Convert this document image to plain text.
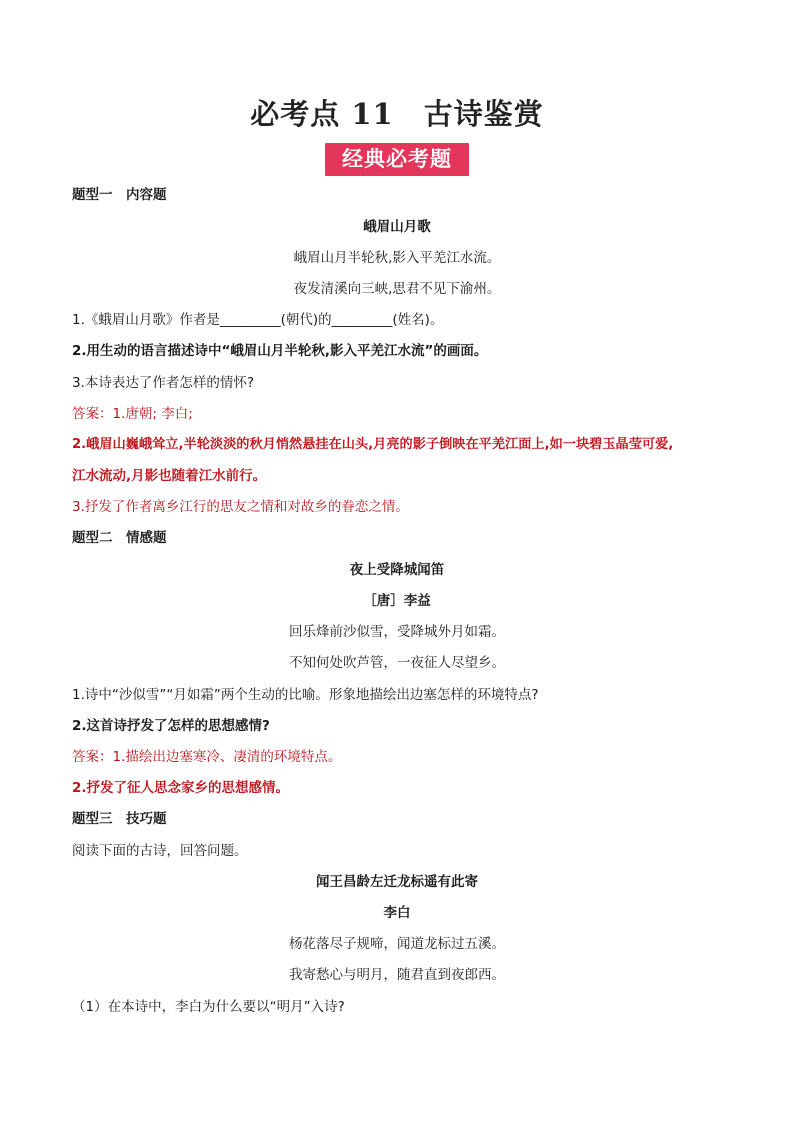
必考点 11　古诗鉴赏
经典必考题
题型一　内容题
峨眉山月歌
峨眉山月半轮秋,影入平羌江水流。
夜发清溪向三峡,思君不见下渝州。
1.《蛾眉山月歌》作者是_________(朝代)的_________(姓名)。
2.用生动的语言描述诗中“峨眉山月半轮秋,影入平羌江水流”的画面。
3.本诗表达了作者怎样的情怀?
答案：1.唐朝; 李白;
2.峨眉山巍峨耸立,半轮淡淡的秋月悄然悬挂在山头,月亮的影子倒映在平羌江面上,如一块碧玉晶莹可爱,
江水流动,月影也随着江水前行。
3.抒发了作者离乡江行的思友之情和对故乡的眷恋之情。
题型二　情感题
夜上受降城闻笛
［唐］李益
回乐烽前沙似雪，受降城外月如霜。
不知何处吹芦管，一夜征人尽望乡。
1.诗中“沙似雪”“月如霜”两个生动的比喻。形象地描绘出边塞怎样的环境特点?
2.这首诗抒发了怎样的思想感情?
答案：1.描绘出边塞寒冷、凄清的环境特点。
2.抒发了征人思念家乡的思想感情。
题型三　技巧题
阅读下面的古诗，回答问题。
闻王昌龄左迁龙标遥有此寄
李白
杨花落尽子规啼，闻道龙标过五溪。
我寄愁心与明月，随君直到夜郎西。
（1）在本诗中，李白为什么要以“明月”入诗?
